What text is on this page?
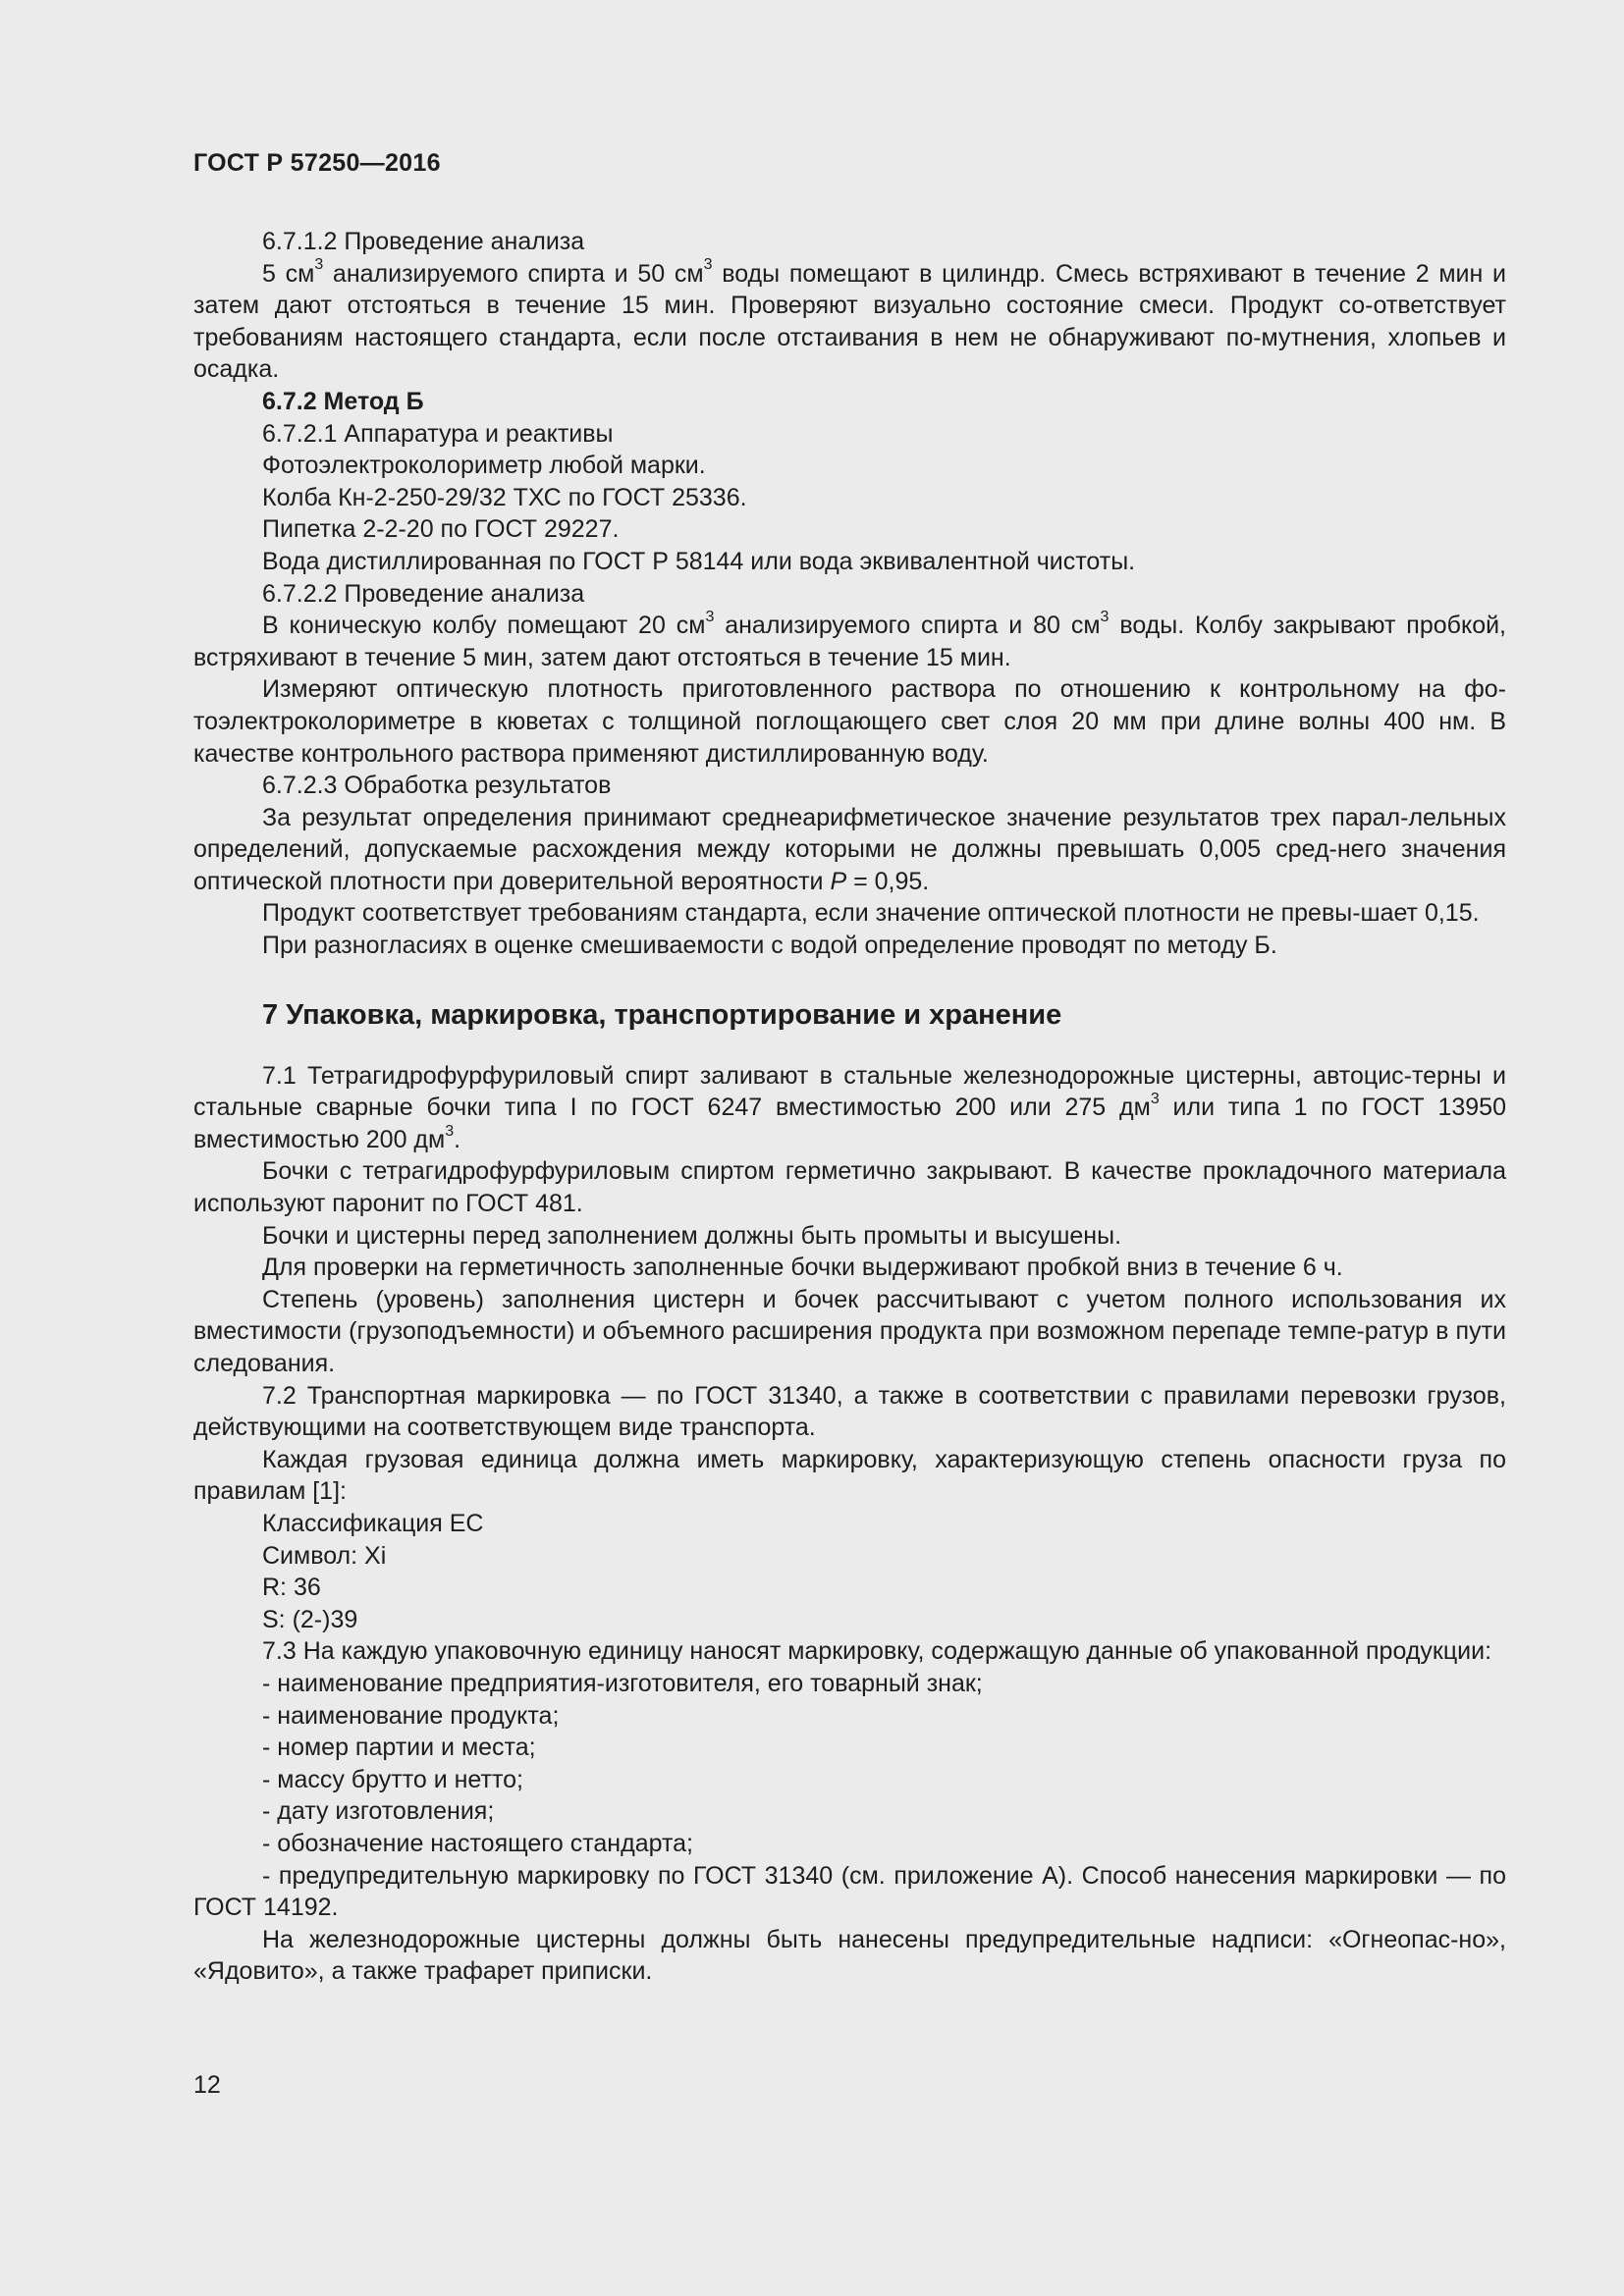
ГОСТ Р 57250—2016

6.7.1.2 Проведение анализа

5 $см^3$ анализируемого спирта и 50 $см^3$ воды помещают в цилиндр. Смесь встряхивают в течение 2 мин и затем дают отстояться в течение 15 мин. Проверяют визуально состояние смеси. Продукт со-ответствует требованиям настоящего стандарта, если после отстаивания в нем не обнаруживают по-мутнения, хлопьев и осадка.

6.7.2 Метод Б

6.7.2.1 Аппаратура и реактивы

Фотоэлектроколориметр любой марки.

Колба Кн-2-250-29/32 ТХС по ГОСТ 25336.

Пипетка 2-2-20 по ГОСТ 29227.

Вода дистиллированная по ГОСТ Р 58144 или вода эквивалентной чистоты.

6.7.2.2 Проведение анализа

В коническую колбу помещают 20 $см^3$ анализируемого спирта и 80 $см^3$ воды. Колбу закрывают пробкой, встряхивают в течение 5 мин, затем дают отстояться в течение 15 мин.

Измеряют оптическую плотность приготовленного раствора по отношению к контрольному на фо-тоэлектроколориметре в кюветах с толщиной поглощающего свет слоя 20 мм при длине волны 400 нм. В качестве контрольного раствора применяют дистиллированную воду.

6.7.2.3 Обработка результатов

За результат определения принимают среднеарифметическое значение результатов трех парал-лельных определений, допускаемые расхождения между которыми не должны превышать 0,005 сред-него значения оптической плотности при доверительной вероятности Р = 0,95.

Продукт соответствует требованиям стандарта, если значение оптической плотности не превы-шает 0,15.

При разногласиях в оценке смешиваемости с водой определение проводят по методу Б.

7 Упаковка, маркировка, транспортирование и хранение

7.1 Тетрагидрофурфуриловый спирт заливают в стальные железнодорожные цистерны, автоцис-терны и стальные сварные бочки типа I по ГОСТ 6247 вместимостью 200 или 275 $дм^3$ или типа 1 по ГОСТ 13950 вместимостью 200 $дм^3$.

Бочки с тетрагидрофурфуриловым спиртом герметично закрывают. В качестве прокладочного материала используют паронит по ГОСТ 481.

Бочки и цистерны перед заполнением должны быть промыты и высушены.

Для проверки на герметичность заполненные бочки выдерживают пробкой вниз в течение 6 ч.

Степень (уровень) заполнения цистерн и бочек рассчитывают с учетом полного использования их вместимости (грузоподъемности) и объемного расширения продукта при возможном перепаде темпе-ратур в пути следования.

7.2 Транспортная маркировка — по ГОСТ 31340, а также в соответствии с правилами перевозки грузов, действующими на соответствующем виде транспорта.

Каждая грузовая единица должна иметь маркировку, характеризующую степень опасности груза по правилам [1]:

Классификация ЕС

Символ: Xi

R: 36

S: (2-)39

7.3 На каждую упаковочную единицу наносят маркировку, содержащую данные об упакованной продукции:

- наименование предприятия-изготовителя, его товарный знак;

- наименование продукта;

- номер партии и места;

- массу брутто и нетто;

- дату изготовления;

- обозначение настоящего стандарта;

- предупредительную маркировку по ГОСТ 31340 (см. приложение А). Способ нанесения маркировки — по ГОСТ 14192.

На железнодорожные цистерны должны быть нанесены предупредительные надписи: «Огнеопас-но», «Ядовито», а также трафарет приписки.

12
